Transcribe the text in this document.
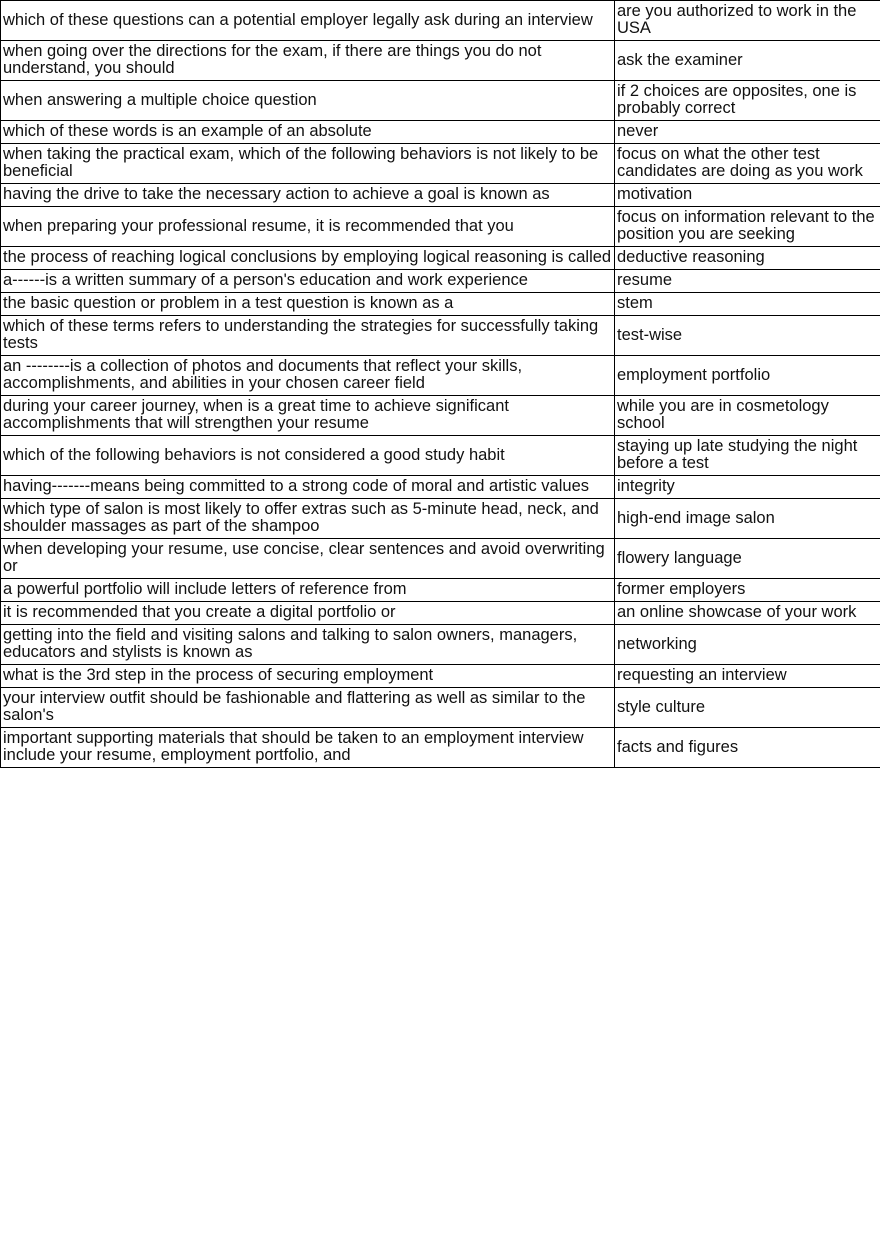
which of these questions can a potential employer legally ask during an interview	are you authorized to work in the USA
when going over the directions for the exam, if there are things you do not understand, you should	ask the examiner
when answering a multiple choice question	if 2 choices are opposites, one is probably correct
which of these words is an example of an absolute	never
when taking the practical exam, which of the following behaviors is not likely to be beneficial	focus on what the other test candidates are doing as you work
having the drive to take the necessary action to achieve a goal is known as	motivation
when preparing your professional resume, it is recommended that you	focus on information relevant to the position you are seeking
the process of reaching logical conclusions by employing logical reasoning is called	deductive reasoning
a------is a written summary of a person's education and work experience	resume
the basic question or problem in a test question is known as a	stem
which of these terms refers to understanding the strategies for successfully taking tests	test-wise
an --------is a collection of photos and documents that reflect your skills, accomplishments, and abilities in your chosen career field	employment portfolio
during your career journey, when is a great time to achieve significant accomplishments that will strengthen your resume	while you are in cosmetology school
which of the following behaviors is not considered a good study habit	staying up late studying the night before a test
having-------means being committed to a strong code of moral and artistic values	integrity
which type of salon is most likely to offer extras such as 5-minute head, neck, and shoulder massages as part of the shampoo	high-end image salon
when developing your resume, use concise, clear sentences and avoid overwriting or	flowery language
a powerful portfolio will include letters of reference from	former employers
it is recommended that you create a digital portfolio or	an online showcase of your work
getting into the field and visiting salons and talking to salon owners, managers, educators and stylists is known as	networking
what is the 3rd step in the process of securing employment	requesting an interview
your interview outfit should be fashionable and flattering as well as similar to the salon's	style culture
important supporting materials that should be taken to an employment interview include your resume, employment portfolio, and	facts and figures
